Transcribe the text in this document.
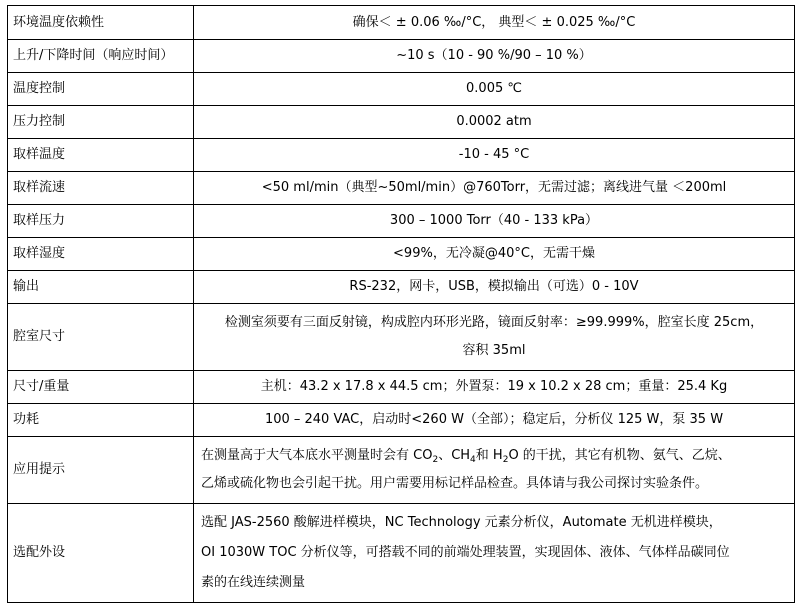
环境温度依赖性	确保＜ ± 0.06 ‰/°C， 典型＜ ± 0.025 ‰/°C
上升/下降时间（响应时间）	~10 s（10 - 90 %/90 – 10 %）
温度控制	0.005 ℃
压力控制	0.0002 atm
取样温度	-10 - 45 °C
取样流速	<50 ml/min（典型~50ml/min）@760Torr，无需过滤；离线进气量 ＜200ml
取样压力	300 – 1000 Torr（40 - 133 kPa）
取样湿度	<99%，无冷凝@40°C，无需干燥
输出	RS-232，网卡，USB，模拟输出（可选）0 - 10V
腔室尺寸	检测室须要有三面反射镜，构成腔内环形光路，镜面反射率：≥99.999%，腔室长度 25cm，
容积 35ml

尺寸/重量	主机：43.2 x 17.8 x 44.5 cm；外置泵：19 x 10.2 x 28 cm；重量：25.4 Kg
功耗	100 – 240 VAC，启动时<260 W（全部）；稳定后，分析仪 125 W，泵 35 W
应用提示	在测量高于大气本底水平测量时会有 $CO_2$、$CH_4$和 $H_2O$ 的干扰，其它有机物、氨气、乙烷、
乙烯或硫化物也会引起干扰。用户需要用标记样品检查。具体请与我公司探讨实验条件。

选配外设	选配 JAS-2560 酸解进样模块，NC Technology 元素分析仪，Automate 无机进样模块，
OI 1030W TOC 分析仪等，可搭载不同的前端处理装置，实现固体、液体、气体样品碳同位
素的在线连续测量
